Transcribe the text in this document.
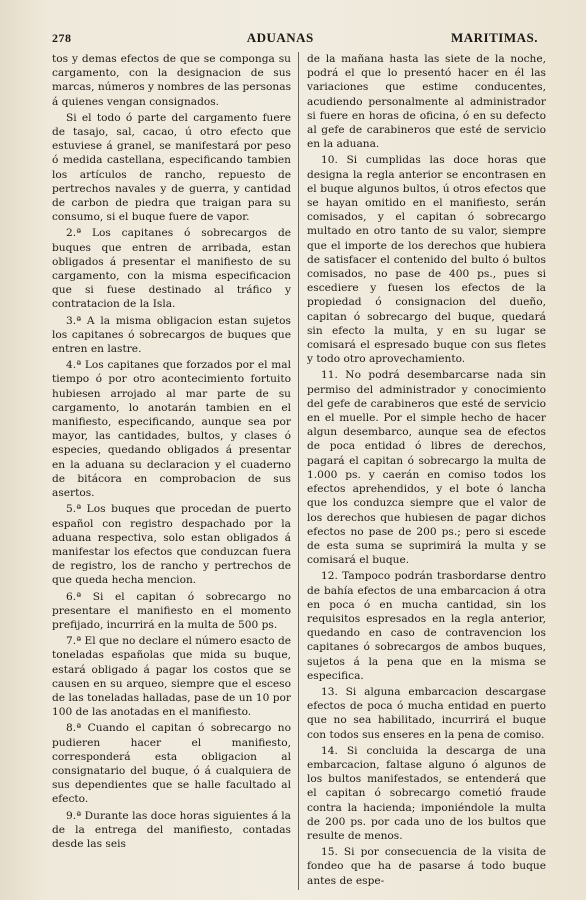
278	ADUANAS	MARITIMAS.

tos y demas efectos de que se componga su cargamento, con la designacion de sus marcas, números y nombres de las personas á quienes vengan consignados.

Si el todo ó parte del cargamento fuere de tasajo, sal, cacao, ú otro efecto que estuviese á granel, se manifestará por peso ó medida castellana, especificando tambien los artículos de rancho, repuesto de pertrechos navales y de guerra, y cantidad de carbon de piedra que traigan para su consumo, si el buque fuere de vapor.

2.ª Los capitanes ó sobrecargos de buques que entren de arribada, estan obligados á presentar el manifiesto de su cargamento, con la misma especificacion que si fuese destinado al tráfico y contratacion de la Isla.

3.ª A la misma obligacion estan sujetos los capitanes ó sobrecargos de buques que entren en lastre.

4.ª Los capitanes que forzados por el mal tiempo ó por otro acontecimiento fortuito hubiesen arrojado al mar parte de su cargamento, lo anotarán tambien en el manifiesto, especificando, aunque sea por mayor, las cantidades, bultos, y clases ó especies, quedando obligados á presentar en la aduana su declaracion y el cuaderno de bitácora en comprobacion de sus asertos.

5.ª Los buques que procedan de puerto español con registro despachado por la aduana respectiva, solo estan obligados á manifestar los efectos que conduzcan fuera de registro, los de rancho y pertrechos de que queda hecha mencion.

6.ª Si el capitan ó sobrecargo no presentare el manifiesto en el momento prefijado, incurrirá en la multa de 500 ps.

7.ª El que no declare el número esacto de toneladas españolas que mida su buque, estará obligado á pagar los costos que se causen en su arqueo, siempre que el esceso de las toneladas halladas, pase de un 10 por 100 de las anotadas en el manifiesto.

8.ª Cuando el capitan ó sobrecargo no pudieren hacer el manifiesto, corresponderá esta obligacion al consignatario del buque, ó á cualquiera de sus dependientes que se halle facultado al efecto.

9.ª Durante las doce horas siguientes á la de la entrega del manifiesto, contadas desde las seis

de la mañana hasta las siete de la noche, podrá el que lo presentó hacer en él las variaciones que estime conducentes, acudiendo personalmente al administrador si fuere en horas de oficina, ó en su defecto al gefe de carabineros que esté de servicio en la aduana.

10. Si cumplidas las doce horas que designa la regla anterior se encontrasen en el buque algunos bultos, ú otros efectos que se hayan omitido en el manifiesto, serán comisados, y el capitan ó sobrecargo multado en otro tanto de su valor, siempre que el importe de los derechos que hubiera de satisfacer el contenido del bulto ó bultos comisados, no pase de 400 ps., pues si escediere y fuesen los efectos de la propiedad ó consignacion del dueño, capitan ó sobrecargo del buque, quedará sin efecto la multa, y en su lugar se comisará el espresado buque con sus fletes y todo otro aprovechamiento.

11. No podrá desembarcarse nada sin permiso del administrador y conocimiento del gefe de carabineros que esté de servicio en el muelle. Por el simple hecho de hacer algun desembarco, aunque sea de efectos de poca entidad ó libres de derechos, pagará el capitan ó sobrecargo la multa de 1.000 ps. y caerán en comiso todos los efectos aprehendidos, y el bote ó lancha que los conduzca siempre que el valor de los derechos que hubiesen de pagar dichos efectos no pase de 200 ps.; pero si escede de esta suma se suprimirá la multa y se comisará el buque.

12. Tampoco podrán trasbordarse dentro de bahía efectos de una embarcacion á otra en poca ó en mucha cantidad, sin los requisitos espresados en la regla anterior, quedando en caso de contravencion los capitanes ó sobrecargos de ambos buques, sujetos á la pena que en la misma se especifica.

13. Si alguna embarcacion descargase efectos de poca ó mucha entidad en puerto que no sea habilitado, incurrirá el buque con todos sus enseres en la pena de comiso.

14. Si concluida la descarga de una embarcacion, faltase alguno ó algunos de los bultos manifestados, se entenderá que el capitan ó sobrecargo cometió fraude contra la hacienda; imponiéndole la multa de 200 ps. por cada uno de los bultos que resulte de menos.

15. Si por consecuencia de la visita de fondeo que ha de pasarse á todo buque antes de espe-
